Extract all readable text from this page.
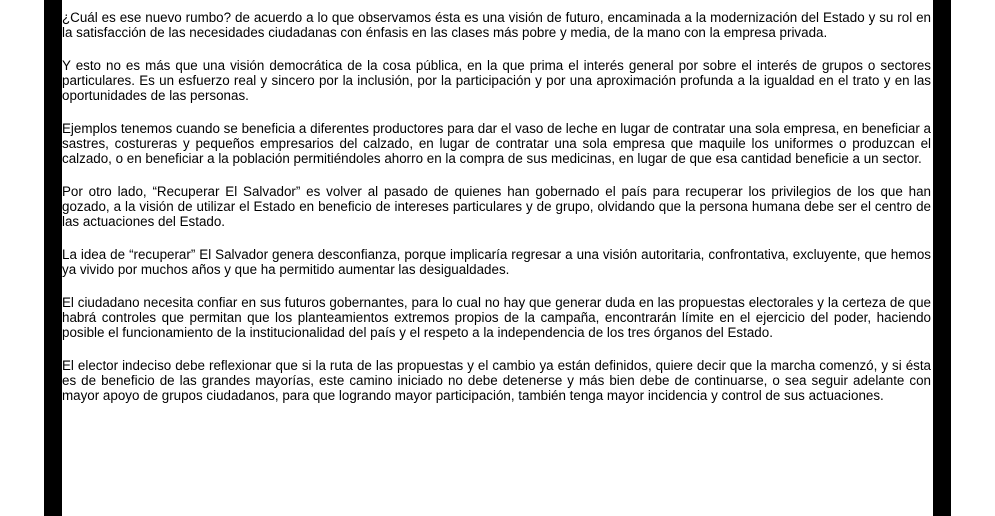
¿Cuál es ese nuevo rumbo? de acuerdo a lo que observamos ésta es una visión de futuro, encaminada a la modernización del Estado y su rol en la satisfacción de las necesidades ciudadanas con énfasis en las clases más pobre y media, de la mano con la empresa privada.

Y esto no es más que una visión democrática de la cosa pública, en la que prima el interés general por sobre el interés de grupos o sectores particulares. Es un esfuerzo real y sincero por la inclusión, por la participación y por una aproximación profunda a la igualdad en el trato y en las oportunidades de las personas.

Ejemplos tenemos cuando se beneficia a diferentes productores para dar el vaso de leche en lugar de contratar una sola empresa, en beneficiar a sastres, costureras y pequeños empresarios del calzado, en lugar de contratar una sola empresa que maquile los uniformes o produzcan el calzado, o en beneficiar a la población permitiéndoles ahorro en la compra de sus medicinas, en lugar de que esa cantidad beneficie a un sector.

Por otro lado, “Recuperar El Salvador” es volver al pasado de quienes han gobernado el país para recuperar los privilegios de los que han gozado, a la visión de utilizar el Estado en beneficio de intereses particulares y de grupo, olvidando que la persona humana debe ser el centro de las actuaciones del Estado.

La idea de “recuperar” El Salvador genera desconfianza, porque implicaría regresar a una visión autoritaria, confrontativa, excluyente, que hemos ya vivido por muchos años y que ha permitido aumentar las desigualdades.

El ciudadano necesita confiar en sus futuros gobernantes, para lo cual no hay que generar duda en las propuestas electorales y la certeza de que habrá controles que permitan que los planteamientos extremos propios de la campaña, encontrarán límite en el ejercicio del poder, haciendo posible el funcionamiento de la institucionalidad del país y el respeto a la independencia de los tres órganos del Estado.

El elector indeciso debe reflexionar que si la ruta de las propuestas y el cambio ya están definidos, quiere decir que la marcha comenzó, y si ésta es de beneficio de las grandes mayorías, este camino iniciado no debe detenerse y más bien debe de continuarse, o sea seguir adelante con mayor apoyo de grupos ciudadanos, para que logrando mayor participación, también tenga mayor incidencia y control de sus actuaciones.
